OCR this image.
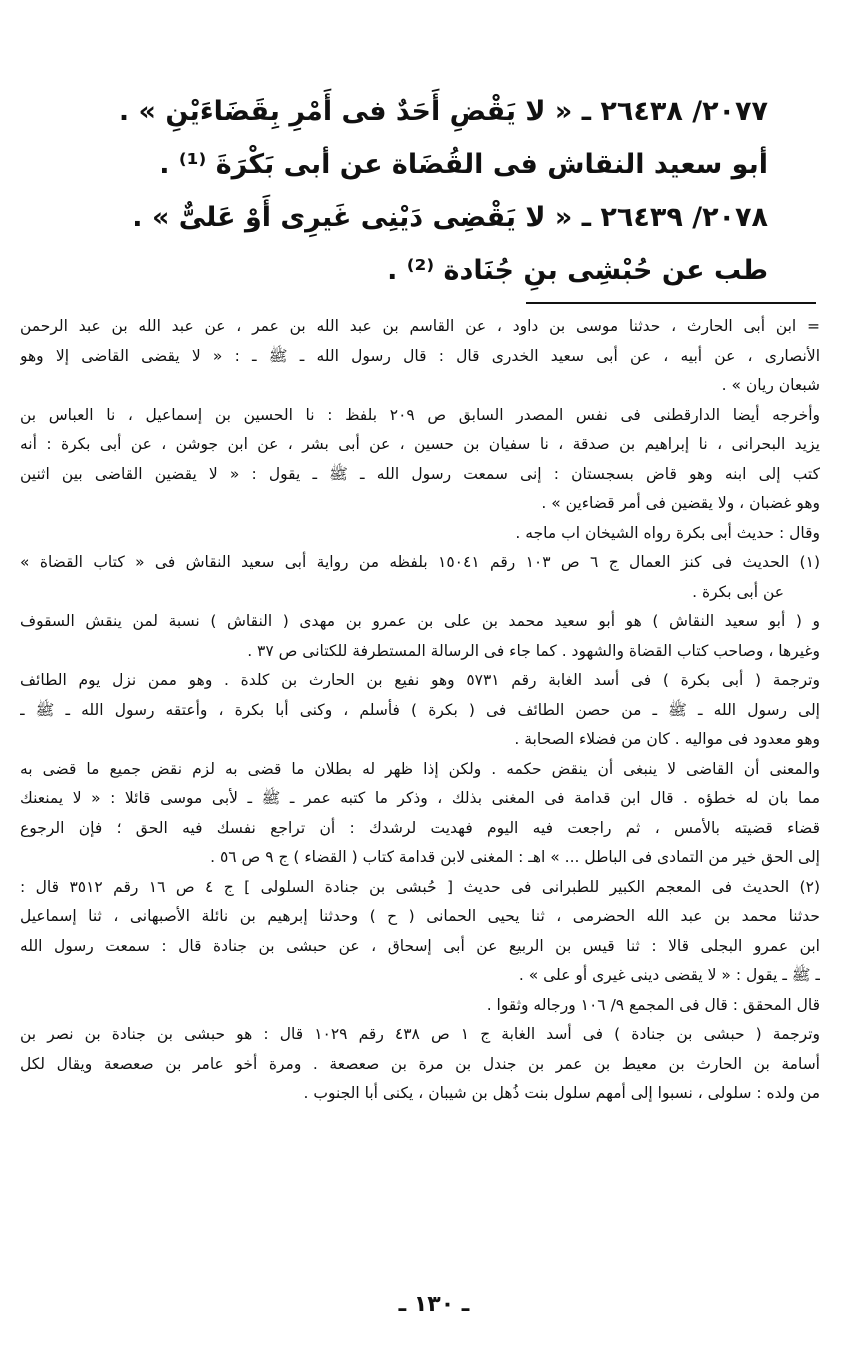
٢٠٧٧/ ٢٦٤٣٨ ـ « لا يَقْضِ أَحَدٌ فى أَمْرِ بِقَضَاءَيْنِ » .
أبو سعيد النقاش فى القُضَاة عن أبى بَكْرَةَ ⁽¹⁾ .
٢٠٧٨/ ٢٦٤٣٩ ـ « لا يَقْضِى دَيْنِى غَيرِى أَوْ عَلىٌّ » .
طب عن حُبْشِى بنِ جُنَادة ⁽²⁾ .
= ابن أبى الحارث ، حدثنا موسى بن داود ، عن القاسم بن عبد الله بن عمر ، عن عبد الله بن عبد الرحمن
الأنصارى ، عن أبيه ، عن أبى سعيد الخدرى قال : قال رسول الله ـ ﷺ ـ : « لا يقضى القاضى إلا وهو
شبعان ريان » .
وأخرجه أيضا الدارقطنى فى نفس المصدر السابق ص ٢٠٩ بلفظ : نا الحسين بن إسماعيل ، نا العباس بن
يزيد البحرانى ، نا إبراهيم بن صدقة ، نا سفيان بن حسين ، عن أبى بشر ، عن ابن جوشن ، عن أبى بكرة : أنه
كتب إلى ابنه وهو قاض بسجستان : إنى سمعت رسول الله ـ ﷺ ـ يقول : « لا يقضين القاضى بين اثنين
وهو غضبان ، ولا يقضين فى أمر قضاءين » .
وقال : حديث أبى بكرة رواه الشيخان اب ماجه .
(١) الحديث فى كنز العمال ج ٦ ص ١٠٣ رقم ١٥٠٤١ بلفظه من رواية أبى سعيد النقاش فى « كتاب القضاة »
عن أبى بكرة .
و ( أبو سعيد النقاش ) هو أبو سعيد محمد بن على بن عمرو بن مهدى ( النقاش ) نسبة لمن ينقش السقوف
وغيرها ، وصاحب كتاب القضاة والشهود . كما جاء فى الرسالة المستطرفة للكتانى ص ٣٧ .
وترجمة ( أبى بكرة ) فى أسد الغابة رقم ٥٧٣١ وهو نفيع بن الحارث بن كلدة . وهو ممن نزل يوم الطائف
إلى رسول الله ـ ﷺ ـ من حصن الطائف فى ( بكرة ) فأسلم ، وكنى أبا بكرة ، وأعتقه رسول الله ـ ﷺ ـ
وهو معدود فى مواليه . كان من فضلاء الصحابة .
والمعنى أن القاضى لا ينبغى أن ينقض حكمه . ولكن إذا ظهر له بطلان ما قضى به لزم نقض جميع ما قضى به
مما بان له خطؤه . قال ابن قدامة فى المغنى بذلك ، وذكر ما كتبه عمر ـ ﷺ ـ لأبى موسى قائلا : « لا يمنعنك
قضاء قضيته بالأمس ، ثم راجعت فيه اليوم فهديت لرشدك : أن تراجع نفسك فيه الحق ؛ فإن الرجوع
إلى الحق خير من التمادى فى الباطل ... » اهـ : المغنى لابن قدامة كتاب ( القضاء ) ج ٩ ص ٥٦ .
(٢) الحديث فى المعجم الكبير للطبرانى فى حديث [ حُبشى بن جنادة السلولى ] ج ٤ ص ١٦ رقم ٣٥١٢ قال :
حدثنا محمد بن عبد الله الحضرمى ، ثنا يحيى الحمانى ( ح ) وحدثنا إبرهيم بن نائلة الأصبهانى ، ثنا إسماعيل
ابن عمرو البجلى قالا : ثنا قيس بن الربيع عن أبى إسحاق ، عن حبشى بن جنادة قال : سمعت رسول الله
ـ ﷺ ـ يقول : « لا يقضى دينى غيرى أو على » .
قال المحقق : قال فى المجمع ٩/ ١٠٦ ورجاله وثقوا .
وترجمة ( حبشى بن جنادة ) فى أسد الغابة ج ١ ص ٤٣٨ رقم ١٠٢٩ قال : هو حبشى بن جنادة بن نصر بن
أسامة بن الحارث بن معيط بن عمر بن جندل بن مرة بن صعصعة . ومرة أخو عامر بن صعصعة ويقال لكل
من ولده : سلولى ، نسبوا إلى أمهم سلول بنت ذُهل بن شيبان ، يكنى أبا الجنوب .
ـ ١٣٠ ـ
